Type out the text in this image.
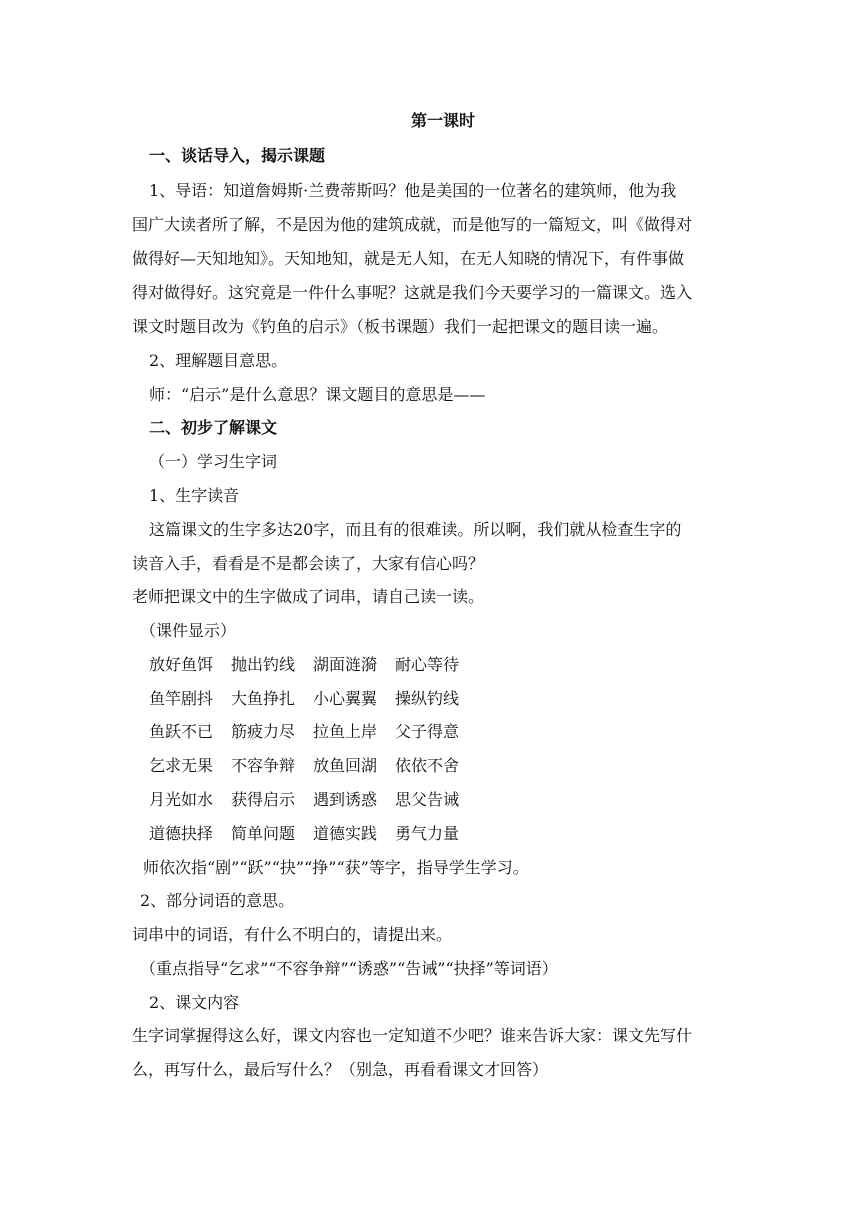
第一课时
一、谈话导入，揭示课题
1、导语：知道詹姆斯·兰费蒂斯吗？他是美国的一位著名的建筑师，他为我
国广大读者所了解，不是因为他的建筑成就，而是他写的一篇短文，叫《做得对
做得好—天知地知》。天知地知，就是无人知，在无人知晓的情况下，有件事做
得对做得好。这究竟是一件什么事呢？这就是我们今天要学习的一篇课文。选入
课文时题目改为《钓鱼的启示》（板书课题）我们一起把课文的题目读一遍。
2、理解题目意思。
师：“启示”是什么意思？课文题目的意思是——
二、初步了解课文
（一）学习生字词
1、生字读音
这篇课文的生字多达20字，而且有的很难读。所以啊，我们就从检查生字的
读音入手，看看是不是都会读了，大家有信心吗？
老师把课文中的生字做成了词串，请自己读一读。
（课件显示）
放好鱼饵 抛出钓线 湖面涟漪 耐心等待
鱼竿剧抖 大鱼挣扎 小心翼翼 操纵钓线
鱼跃不已 筋疲力尽 拉鱼上岸 父子得意
乞求无果 不容争辩 放鱼回湖 依依不舍
月光如水 获得启示 遇到诱惑 思父告诫
道德抉择 简单问题 道德实践 勇气力量
师依次指“剧”“跃”“抉”“挣”“获”等字，指导学生学习。
2、部分词语的意思。
词串中的词语，有什么不明白的，请提出来。
（重点指导“乞求”“不容争辩”“诱惑”“告诫”“抉择”等词语）
2、课文内容
生字词掌握得这么好，课文内容也一定知道不少吧？谁来告诉大家：课文先写什
么，再写什么，最后写什么？（别急，再看看课文才回答）
